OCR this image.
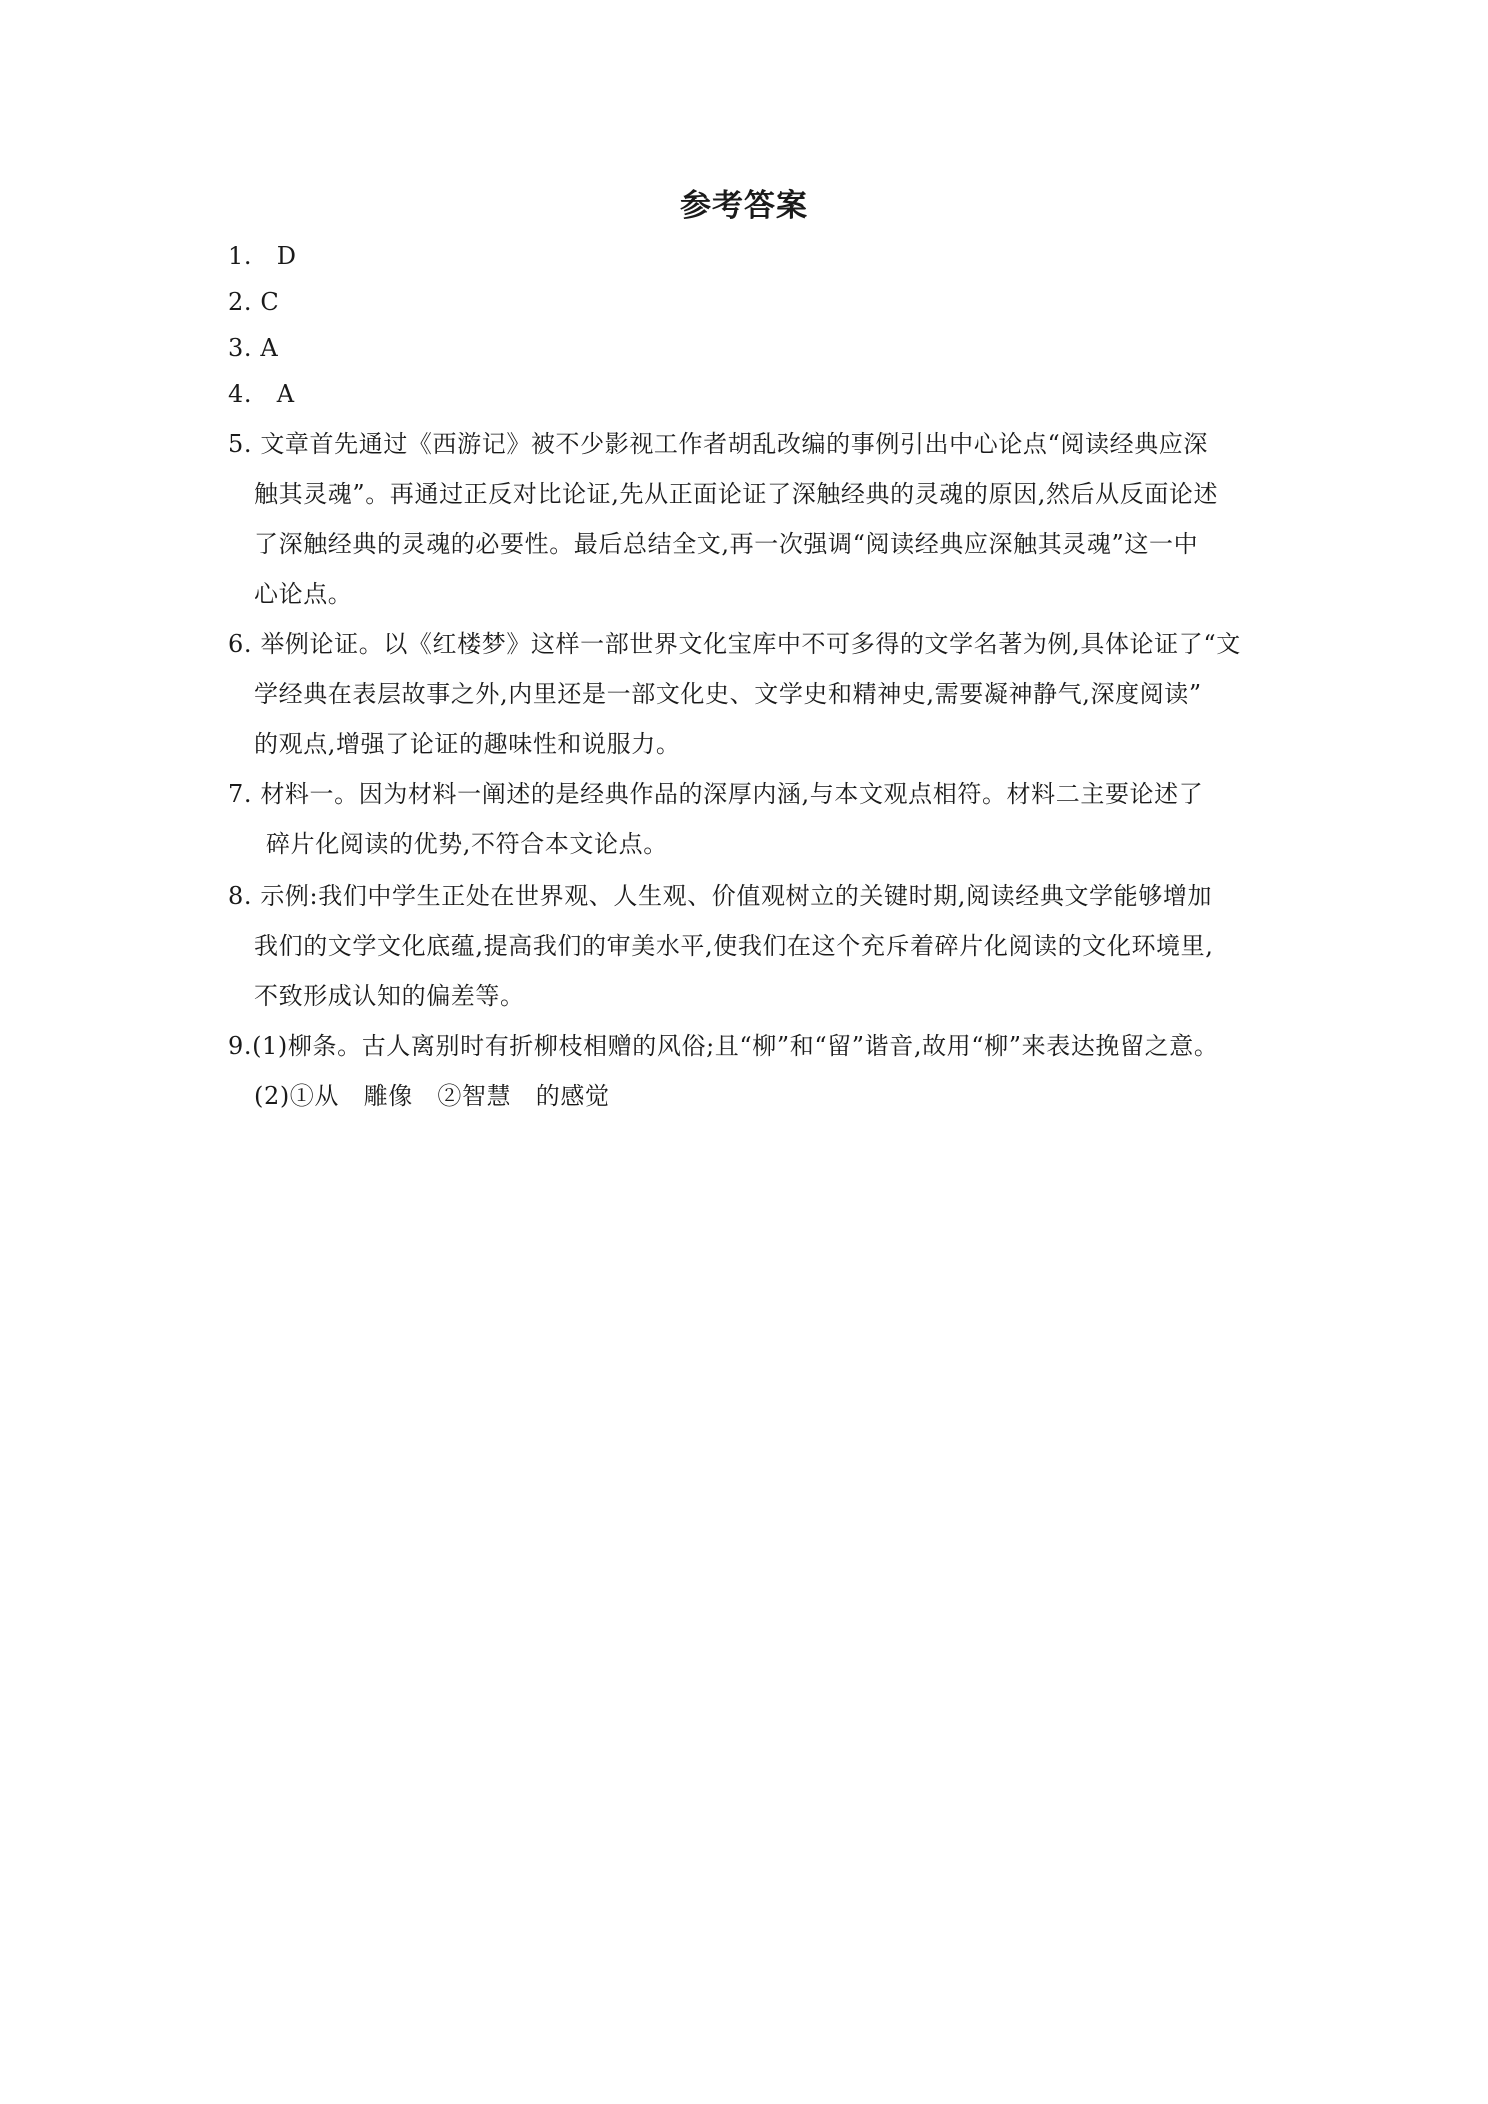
参考答案
1.　D
2. C
3. A
4.　A
5. 文章首先通过《西游记》被不少影视工作者胡乱改编的事例引出中心论点“阅读经典应深
触其灵魂”。再通过正反对比论证,先从正面论证了深触经典的灵魂的原因,然后从反面论述
了深触经典的灵魂的必要性。最后总结全文,再一次强调“阅读经典应深触其灵魂”这一中
心论点。
6. 举例论证。以《红楼梦》这样一部世界文化宝库中不可多得的文学名著为例,具体论证了“文
学经典在表层故事之外,内里还是一部文化史、文学史和精神史,需要凝神静气,深度阅读”
的观点,增强了论证的趣味性和说服力。
7. 材料一。因为材料一阐述的是经典作品的深厚内涵,与本文观点相符。材料二主要论述了
碎片化阅读的优势,不符合本文论点。
8. 示例:我们中学生正处在世界观、人生观、价值观树立的关键时期,阅读经典文学能够增加
我们的文学文化底蕴,提高我们的审美水平,使我们在这个充斥着碎片化阅读的文化环境里,
不致形成认知的偏差等。
9.(1)柳条。古人离别时有折柳枝相赠的风俗;且“柳”和“留”谐音,故用“柳”来表达挽留之意。
(2)①从　雕像　②智慧　的感觉
